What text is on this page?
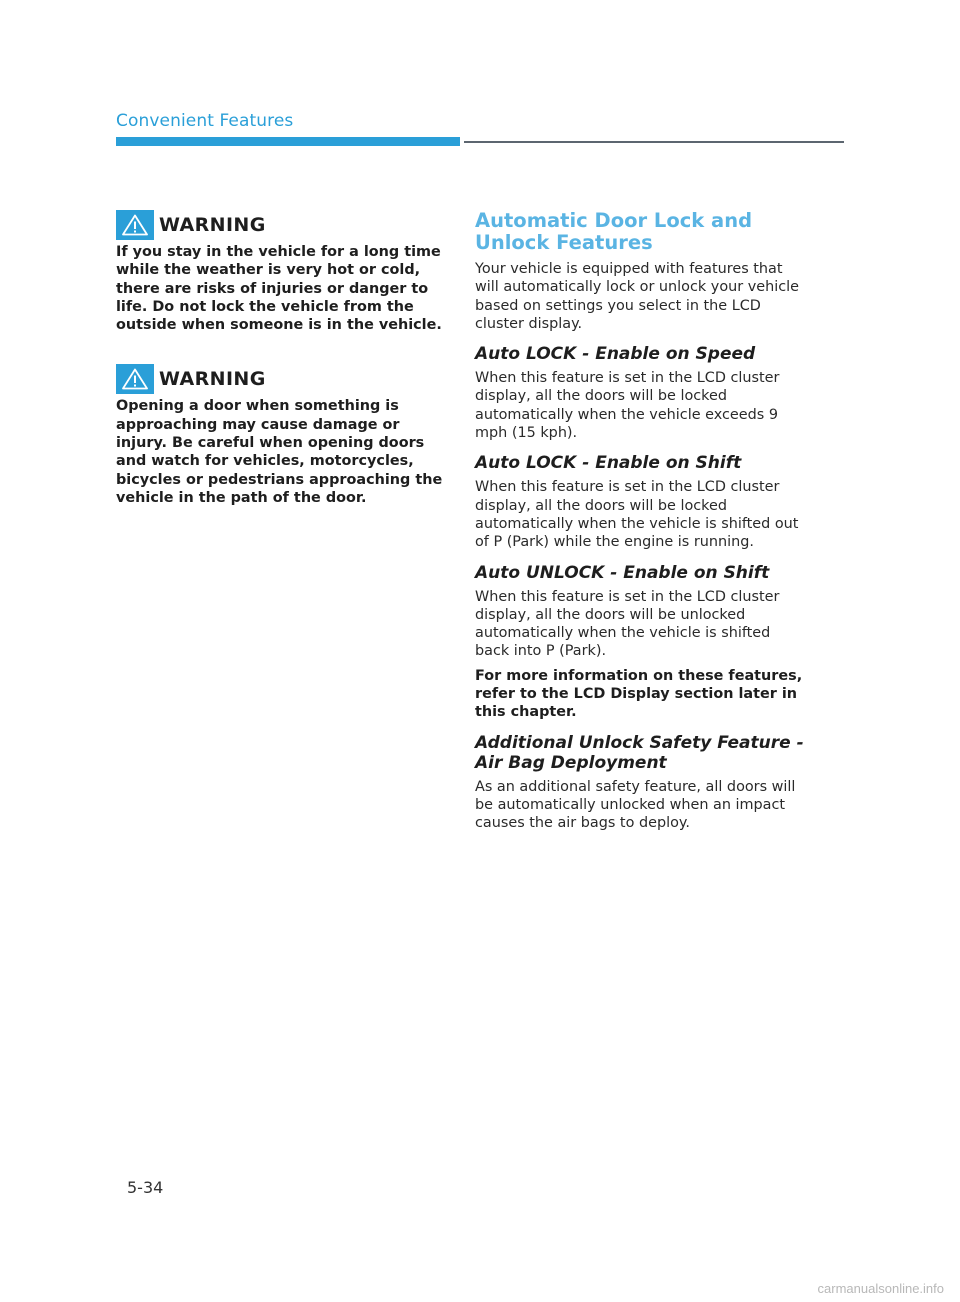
Convenient Features
WARNING

If you stay in the vehicle for a long time while the weather is very hot or cold, there are risks of injuries or danger to life. Do not lock the vehicle from the outside when someone is in the vehicle.

WARNING

Opening a door when something is approaching may cause damage or injury. Be careful when opening doors and watch for vehicles, motorcycles, bicycles or pedestrians approaching the vehicle in the path of the door.

Automatic Door Lock and Unlock Features

Your vehicle is equipped with features that will automatically lock or unlock your vehicle based on settings you select in the LCD cluster display.

Auto LOCK - Enable on Speed

When this feature is set in the LCD cluster display, all the doors will be locked automatically when the vehicle exceeds 9 mph (15 kph).

Auto LOCK - Enable on Shift

When this feature is set in the LCD cluster display, all the doors will be locked automatically when the vehicle is shifted out of P (Park) while the engine is running.

Auto UNLOCK - Enable on Shift

When this feature is set in the LCD cluster display, all the doors will be unlocked automatically when the vehicle is shifted back into P (Park).

For more information on these features, refer to the LCD Display section later in this chapter.

Additional Unlock Safety Feature - Air Bag Deployment

As an additional safety feature, all doors will be automatically unlocked when an impact causes the air bags to deploy.

5-34
carmanualsonline.info
